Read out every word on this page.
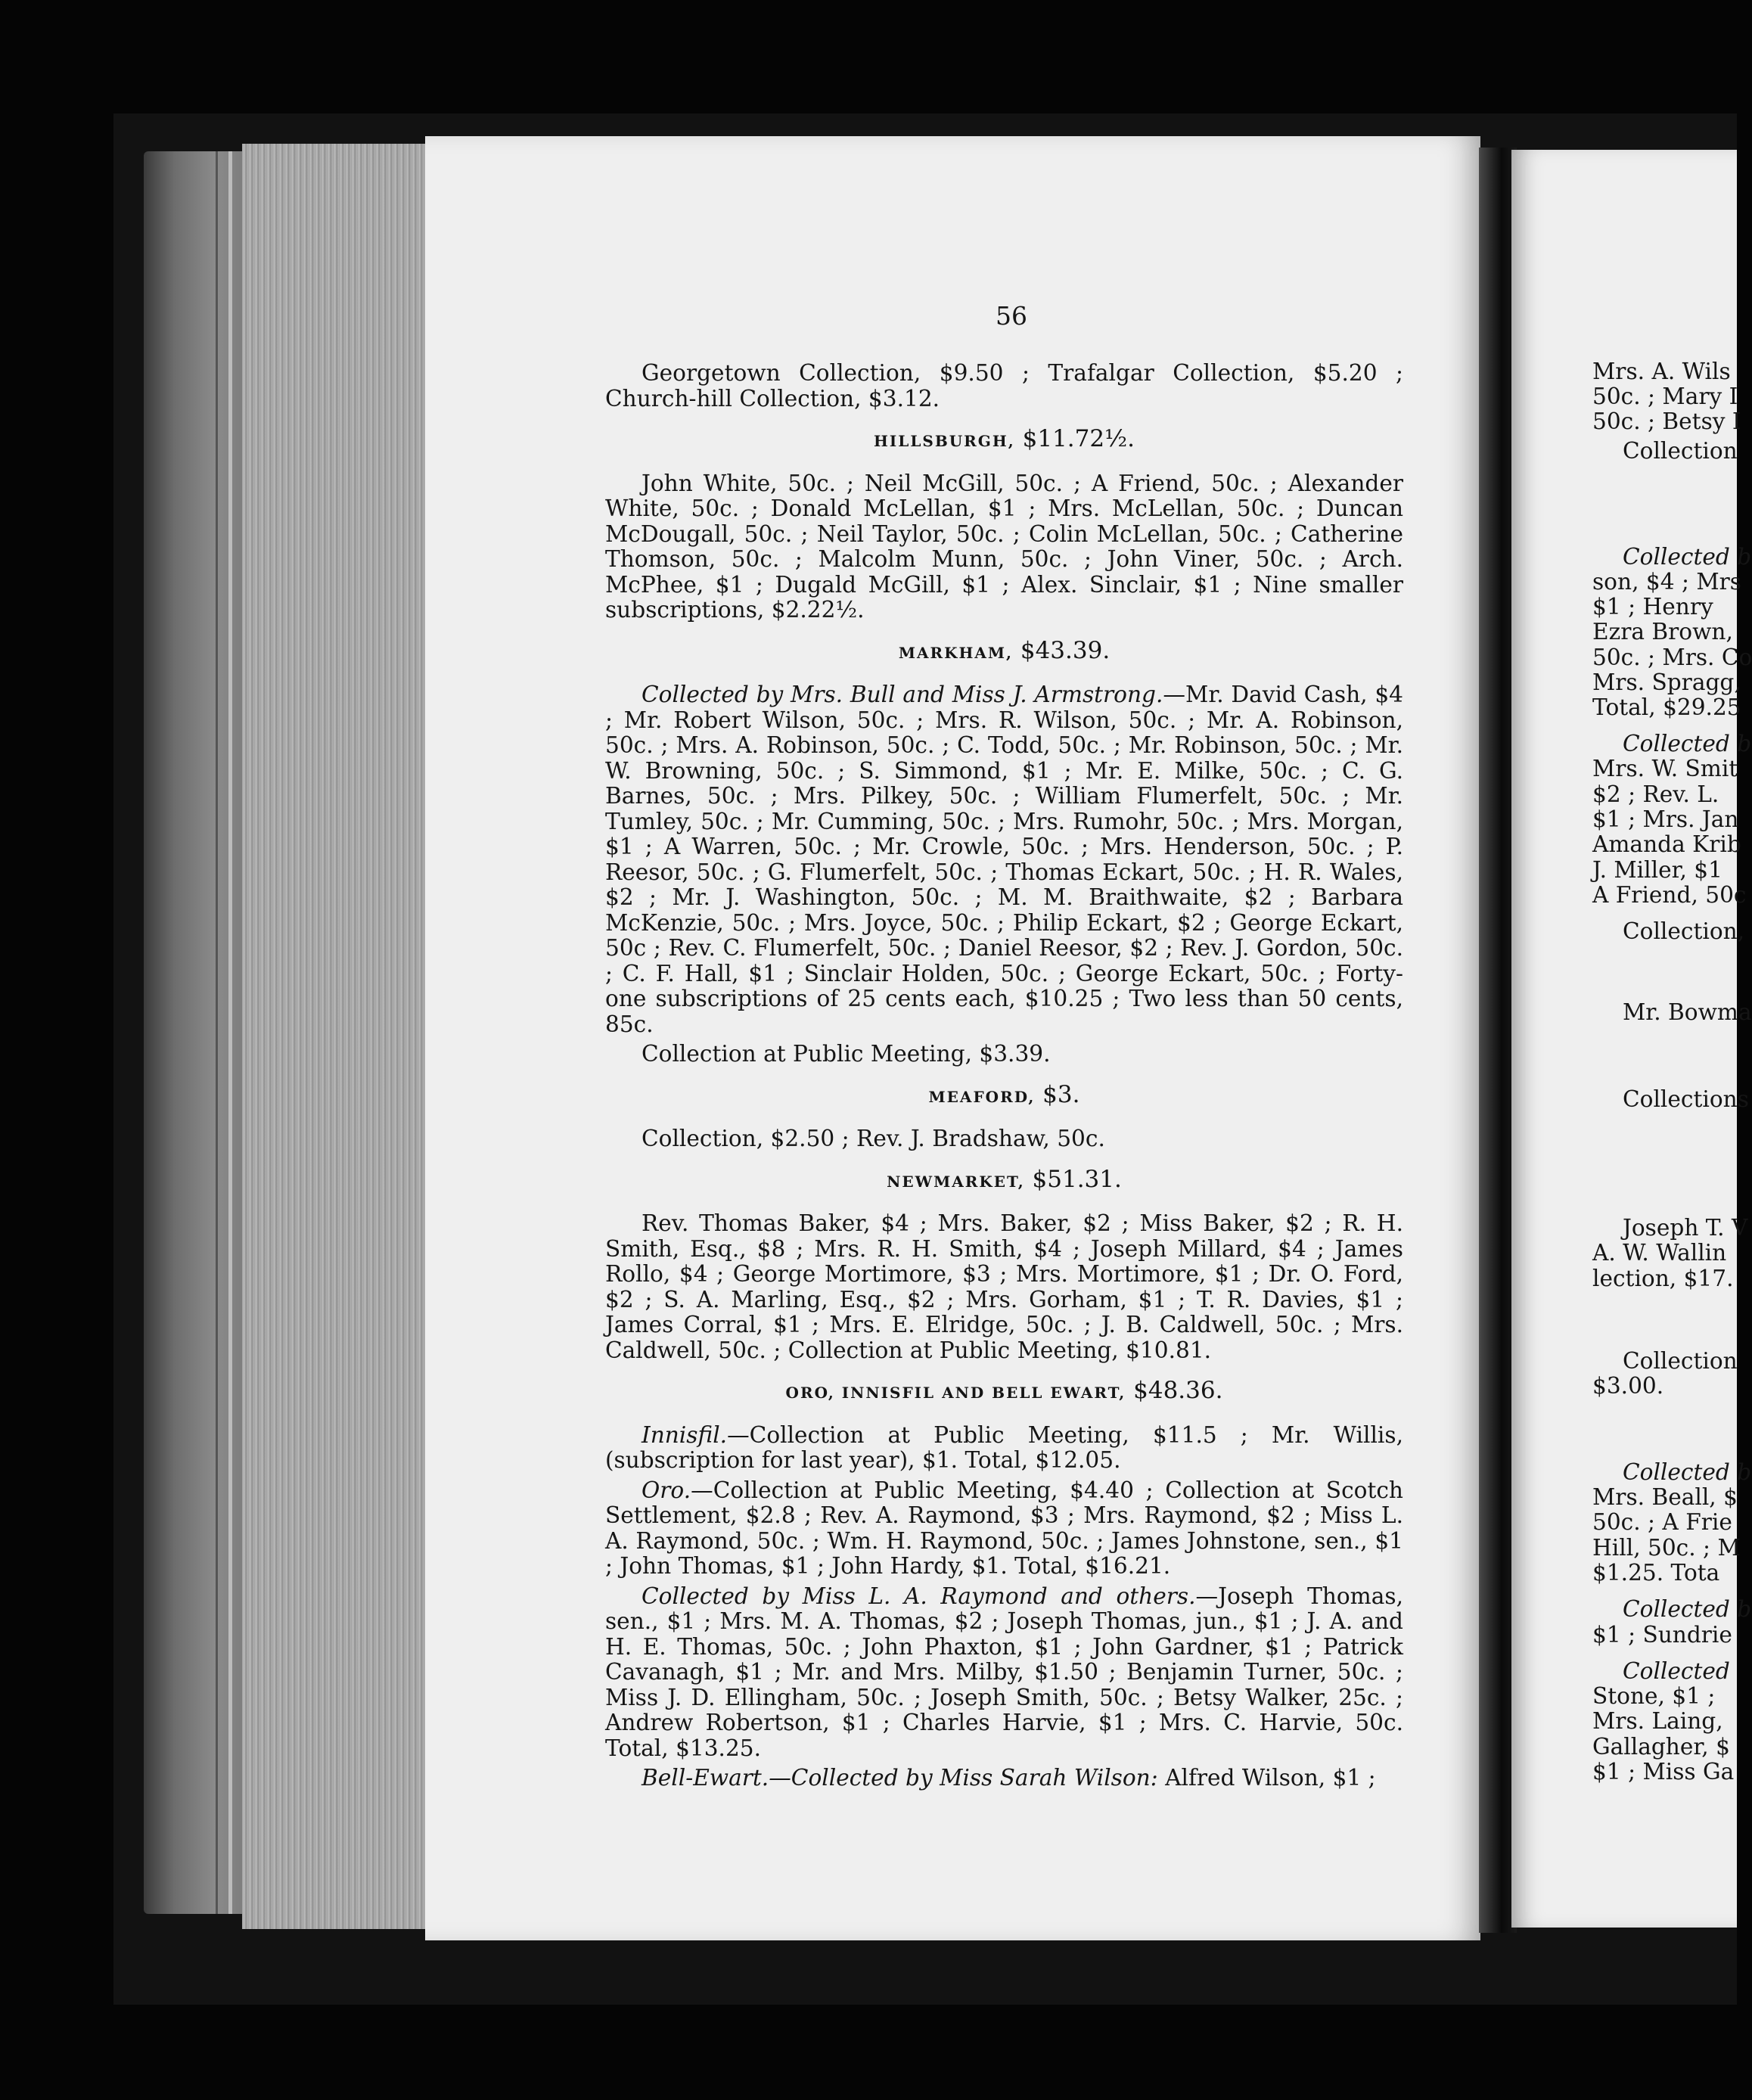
56

Georgetown Collection, $9.50 ; Trafalgar Collection, $5.20 ; Church-hill Collection, $3.12.

HILLSBURGH, $11.72½.

John White, 50c. ; Neil McGill, 50c. ; A Friend, 50c. ; Alexander White, 50c. ; Donald McLellan, $1 ; Mrs. McLellan, 50c. ; Duncan McDougall, 50c. ; Neil Taylor, 50c. ; Colin McLellan, 50c. ; Catherine Thomson, 50c. ; Malcolm Munn, 50c. ; John Viner, 50c. ; Arch. McPhee, $1 ; Dugald McGill, $1 ; Alex. Sinclair, $1 ; Nine smaller subscriptions, $2.22½.

MARKHAM, $43.39.

Collected by Mrs. Bull and Miss J. Armstrong.—Mr. David Cash, $4 ; Mr. Robert Wilson, 50c. ; Mrs. R. Wilson, 50c. ; Mr. A. Robinson, 50c. ; Mrs. A. Robinson, 50c. ; C. Todd, 50c. ; Mr. Robinson, 50c. ; Mr. W. Browning, 50c. ; S. Simmond, $1 ; Mr. E. Milke, 50c. ; C. G. Barnes, 50c. ; Mrs. Pilkey, 50c. ; William Flumerfelt, 50c. ; Mr. Tumley, 50c. ; Mr. Cumming, 50c. ; Mrs. Rumohr, 50c. ; Mrs. Morgan, $1 ; A Warren, 50c. ; Mr. Crowle, 50c. ; Mrs. Henderson, 50c. ; P. Reesor, 50c. ; G. Flumerfelt, 50c. ; Thomas Eckart, 50c. ; H. R. Wales, $2 ; Mr. J. Washington, 50c. ; M. M. Braithwaite, $2 ; Barbara McKenzie, 50c. ; Mrs. Joyce, 50c. ; Philip Eckart, $2 ; George Eckart, 50c ; Rev. C. Flumerfelt, 50c. ; Daniel Reesor, $2 ; Rev. J. Gordon, 50c. ; C. F. Hall, $1 ; Sinclair Holden, 50c. ; George Eckart, 50c. ; Forty-one subscriptions of 25 cents each, $10.25 ; Two less than 50 cents, 85c.

Collection at Public Meeting, $3.39.

MEAFORD, $3.

Collection, $2.50 ; Rev. J. Bradshaw, 50c.

NEWMARKET, $51.31.

Rev. Thomas Baker, $4 ; Mrs. Baker, $2 ; Miss Baker, $2 ; R. H. Smith, Esq., $8 ; Mrs. R. H. Smith, $4 ; Joseph Millard, $4 ; James Rollo, $4 ; George Mortimore, $3 ; Mrs. Mortimore, $1 ; Dr. O. Ford, $2 ; S. A. Marling, Esq., $2 ; Mrs. Gorham, $1 ; T. R. Davies, $1 ; James Corral, $1 ; Mrs. E. Elridge, 50c. ; J. B. Caldwell, 50c. ; Mrs. Caldwell, 50c. ; Collection at Public Meeting, $10.81.

ORO, INNISFIL AND BELL EWART, $48.36.

Innisfil.—Collection at Public Meeting, $11.5 ; Mr. Willis, (subscription for last year), $1. Total, $12.05.

Oro.—Collection at Public Meeting, $4.40 ; Collection at Scotch Settlement, $2.8 ; Rev. A. Raymond, $3 ; Mrs. Raymond, $2 ; Miss L. A. Raymond, 50c. ; Wm. H. Raymond, 50c. ; James Johnstone, sen., $1 ; John Thomas, $1 ; John Hardy, $1. Total, $16.21.

Collected by Miss L. A. Raymond and others.—Joseph Thomas, sen., $1 ; Mrs. M. A. Thomas, $2 ; Joseph Thomas, jun., $1 ; J. A. and H. E. Thomas, 50c. ; John Phaxton, $1 ; John Gardner, $1 ; Patrick Cavanagh, $1 ; Mr. and Mrs. Milby, $1.50 ; Benjamin Turner, 50c. ; Miss J. D. Ellingham, 50c. ; Joseph Smith, 50c. ; Betsy Walker, 25c. ; Andrew Robertson, $1 ; Charles Harvie, $1 ; Mrs. C. Harvie, 50c. Total, $13.25.

Bell-Ewart.—Collected by Miss Sarah Wilson: Alfred Wilson, $1 ;

Mrs. A. Wils
50c. ; Mary I
50c. ; Betsy I
Collection
Collected b
son, $4 ; Mrs
$1 ; Henry
Ezra Brown,
50c. ; Mrs. Co
Mrs. Spragg,
Total, $29.25
Collected b
Mrs. W. Smit
$2 ; Rev. L.
$1 ; Mrs. Jan
Amanda Krib
J. Miller, $1
A Friend, 50c
Collection,
Mr. Bowma
Collections
Joseph T. V
A. W. Wallin
lection, $17.
Collection
$3.00.
Collected b
Mrs. Beall, $
50c. ; A Frie
Hill, 50c. ; M
$1.25. Tota
Collected b
$1 ; Sundrie
Collected
Stone, $1 ;
Mrs. Laing,
Gallagher, $
$1 ; Miss Ga
